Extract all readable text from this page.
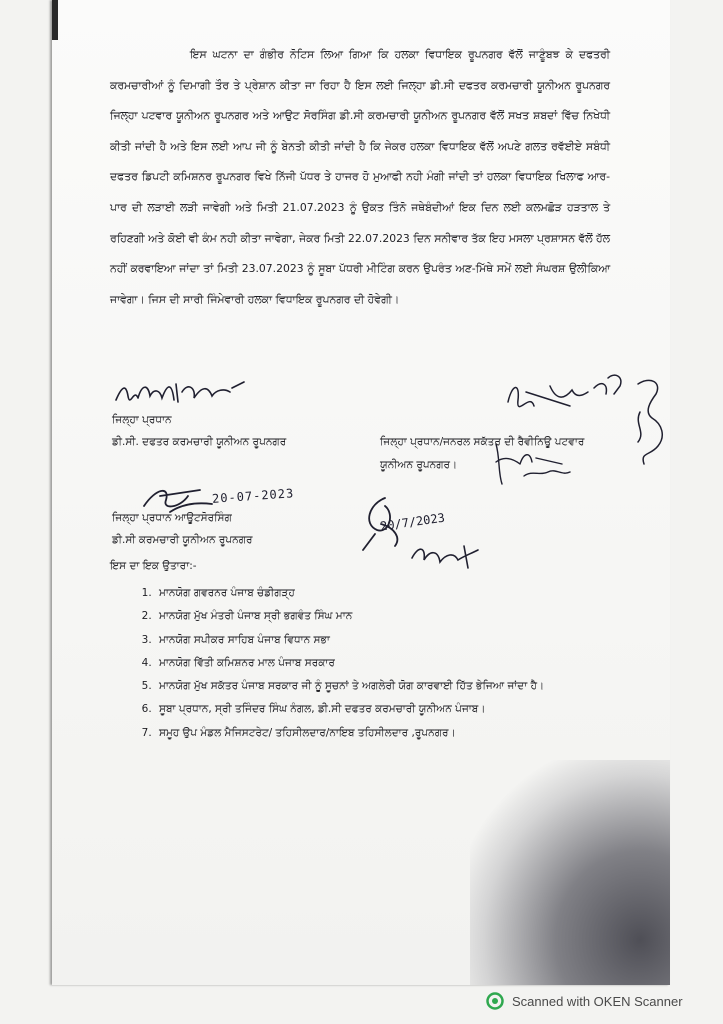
ਇਸ ਘਟਨਾ ਦਾ ਗੰਭੀਰ ਨੋਟਿਸ ਲਿਆ ਗਿਆ ਕਿ ਹਲਕਾ ਵਿਧਾਇਕ ਰੂਪਨਗਰ ਵੱਲੋਂ ਜਾਣੂੰਬਝ ਕੇ ਦਫਤਰੀ ਕਰਮਚਾਰੀਆਂ ਨੂੰ ਦਿਮਾਗੀ ਤੌਰ ਤੇ ਪ੍ਰੇਸ਼ਾਨ ਕੀਤਾ ਜਾ ਰਿਹਾ ਹੈ ਇਸ ਲਈ ਜਿਲ੍ਹਾ ਡੀ.ਸੀ ਦਫਤਰ ਕਰਮਚਾਰੀ ਯੂਨੀਅਨ ਰੂਪਨਗਰ ਜਿਲ੍ਹਾ ਪਟਵਾਰ ਯੂਨੀਅਨ ਰੂਪਨਗਰ ਅਤੇ ਆਉਟ ਸੋਰਸਿੰਗ ਡੀ.ਸੀ ਕਰਮਚਾਰੀ ਯੂਨੀਅਨ ਰੂਪਨਗਰ ਵੱਲੋਂ ਸਖਤ ਸ਼ਬਦਾਂ ਵਿੱਚ ਨਿਖੇਧੀ ਕੀਤੀ ਜਾਂਦੀ ਹੈ ਅਤੇ ਇਸ ਲਈ ਆਪ ਜੀ ਨੂੰ ਬੇਨਤੀ ਕੀਤੀ ਜਾਂਦੀ ਹੈ ਕਿ ਜੇਕਰ ਹਲਕਾ ਵਿਧਾਇਕ ਵੱਲੋਂ ਅਪਣੇ ਗਲਤ ਰਵੱਈਏ ਸਬੰਧੀ ਦਫਤਰ ਡਿਪਟੀ ਕਮਿਸ਼ਨਰ ਰੂਪਨਗਰ ਵਿਖੇ ਨਿੱਜੀ ਪੱਧਰ ਤੇ ਹਾਜਰ ਹੋ ਮੁਆਫੀ ਨਹੀ ਮੰਗੀ ਜਾਂਦੀ ਤਾਂ ਹਲਕਾ ਵਿਧਾਇਕ ਖਿਲਾਫ ਆਰ-ਪਾਰ ਦੀ ਲੜਾਈ ਲੜੀ ਜਾਵੇਗੀ ਅਤੇ ਮਿਤੀ 21.07.2023 ਨੂੰ ਉਕਤ ਤਿੰਨੋ ਜਥੇਬੰਦੀਆਂ ਇਕ ਦਿਨ ਲਈ ਕਲਮਛੋੜ ਹੜਤਾਲ ਤੇ ਰਹਿਣਗੀ ਅਤੇ ਕੋਈ ਵੀ ਕੰਮ ਨਹੀ ਕੀਤਾ ਜਾਵੇਗਾ, ਜੇਕਰ ਮਿਤੀ 22.07.2023 ਦਿਨ ਸਨੀਵਾਰ ਤੱਕ ਇਹ ਮਸਲਾ ਪ੍ਰਸ਼ਾਸਨ ਵੱਲੋਂ ਹੱਲ ਨਹੀਂ ਕਰਵਾਇਆ ਜਾਂਦਾ ਤਾਂ ਮਿਤੀ 23.07.2023 ਨੂੰ ਸੂਬਾ ਪੱਧਰੀ ਮੀਟਿੰਗ ਕਰਨ ਉਪਰੰਤ ਅਣ-ਮਿੱਥੇ ਸਮੇਂ ਲਈ ਸੰਘਰਸ਼ ਉਲੀਕਿਆ ਜਾਵੇਗਾ। ਜਿਸ ਦੀ ਸਾਰੀ ਜਿੰਮੇਵਾਰੀ ਹਲਕਾ ਵਿਧਾਇਕ ਰੂਪਨਗਰ ਦੀ ਹੋਵੇਗੀ।

ਜਿਲ੍ਹਾ ਪ੍ਰਧਾਨ
ਡੀ.ਸੀ. ਦਫਤਰ ਕਰਮਚਾਰੀ ਯੂਨੀਅਨ ਰੂਪਨਗਰ	ਜਿਲ੍ਹਾ ਪ੍ਰਧਾਨ/ਜਨਰਲ ਸਕੱਤਰ ਦੀ ਰੈਵੀਨਿਊ ਪਟਵਾਰ
ਯੂਨੀਅਨ ਰੂਪਨਗਰ।
20-07-2023
ਜਿਲ੍ਹਾ ਪ੍ਰਧਾਨ ਆਊਟਸੋਰਸਿੰਗ
ਡੀ.ਸੀ ਕਰਮਚਾਰੀ ਯੂਨੀਅਨ ਰੂਪਨਗਰ
20/7/2023
ਇਸ ਦਾ ਇਕ ਉਤਾਰਾ:-
1. ਮਾਨਯੋਗ ਗਵਰਨਰ ਪੰਜਾਬ ਚੰਡੀਗੜ੍ਹ
2. ਮਾਨਯੋਗ ਮੁੱਖ ਮੰਤਰੀ ਪੰਜਾਬ ਸ੍ਰੀ ਭਗਵੰਤ ਸਿੰਘ ਮਾਨ
3. ਮਾਨਯੋਗ ਸਪੀਕਰ ਸਾਹਿਬ ਪੰਜਾਬ ਵਿਧਾਨ ਸਭਾ
4. ਮਾਨਯੋਗ ਵਿੱਤੀ ਕਮਿਸ਼ਨਰ ਮਾਲ ਪੰਜਾਬ ਸਰਕਾਰ
5. ਮਾਨਯੋਗ ਮੁੱਖ ਸਕੱਤਰ ਪੰਜਾਬ ਸਰਕਾਰ ਜੀ ਨੂੰ ਸੂਚਨਾਂ ਤੇ ਅਗਲੇਰੀ ਯੋਗ ਕਾਰਵਾਈ ਹਿੱਤ ਭੇਜਿਆ ਜਾਂਦਾ ਹੈ।
6. ਸੂਬਾ ਪ੍ਰਧਾਨ, ਸ੍ਰੀ ਤਜਿੰਦਰ ਸਿੰਘ ਨੰਗਲ, ਡੀ.ਸੀ ਦਫਤਰ ਕਰਮਚਾਰੀ ਯੂਨੀਅਨ ਪੰਜਾਬ।
7. ਸਮੂਹ ਉਪ ਮੰਡਲ ਮੈਜਿਸਟਰੇਟ/ ਤਹਿਸੀਲਦਾਰ/ਨਾਇਬ ਤਹਿਸੀਲਦਾਰ ,ਰੂਪਨਗਰ।
Scanned with OKEN Scanner
